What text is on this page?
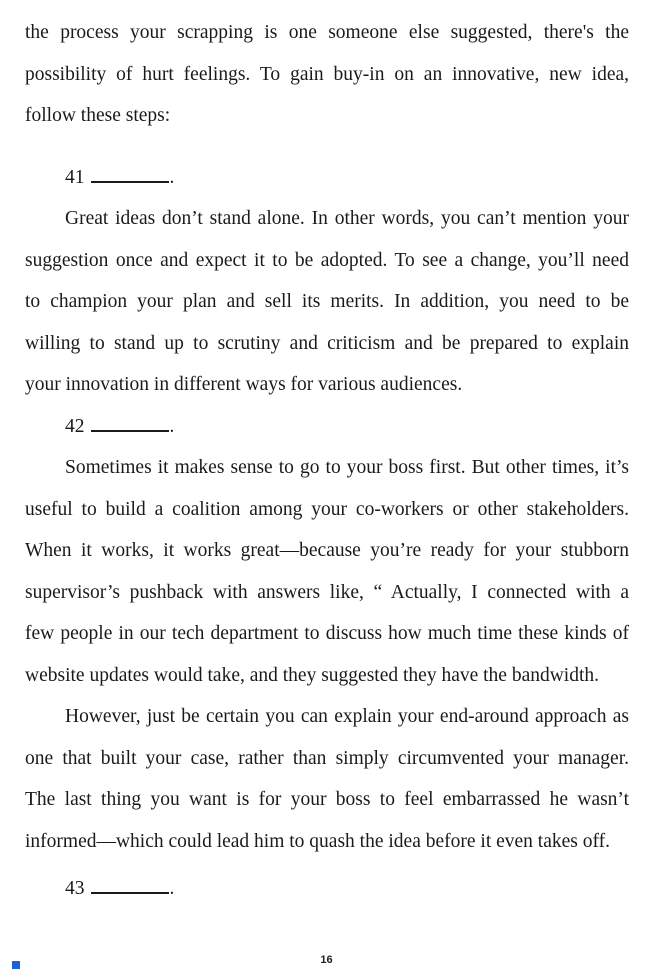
the process your scrapping is one someone else suggested, there's the
possibility of hurt feelings. To gain buy-in on an innovative, new idea,
follow these steps:
41	.
Great ideas don’t stand alone. In other words, you can’t mention your
suggestion once and expect it to be adopted. To see a change, you’ll need
to champion your plan and sell its merits. In addition, you need to be
willing to stand up to scrutiny and criticism and be prepared to explain
your innovation in different ways for various audiences.
42	.
Sometimes it makes sense to go to your boss first. But other times, it’s
useful to build a coalition among your co-workers or other stakeholders.
When it works, it works great—because you’re ready for your stubborn
supervisor’s pushback with answers like, “ Actually, I connected with a
few people in our tech department to discuss how much time these kinds of
website updates would take, and they suggested they have the bandwidth.
However, just be certain you can explain your end-around approach as
one that built your case, rather than simply circumvented your manager.
The last thing you want is for your boss to feel embarrassed he wasn’t
informed—which could lead him to quash the idea before it even takes off.
43	.
16
